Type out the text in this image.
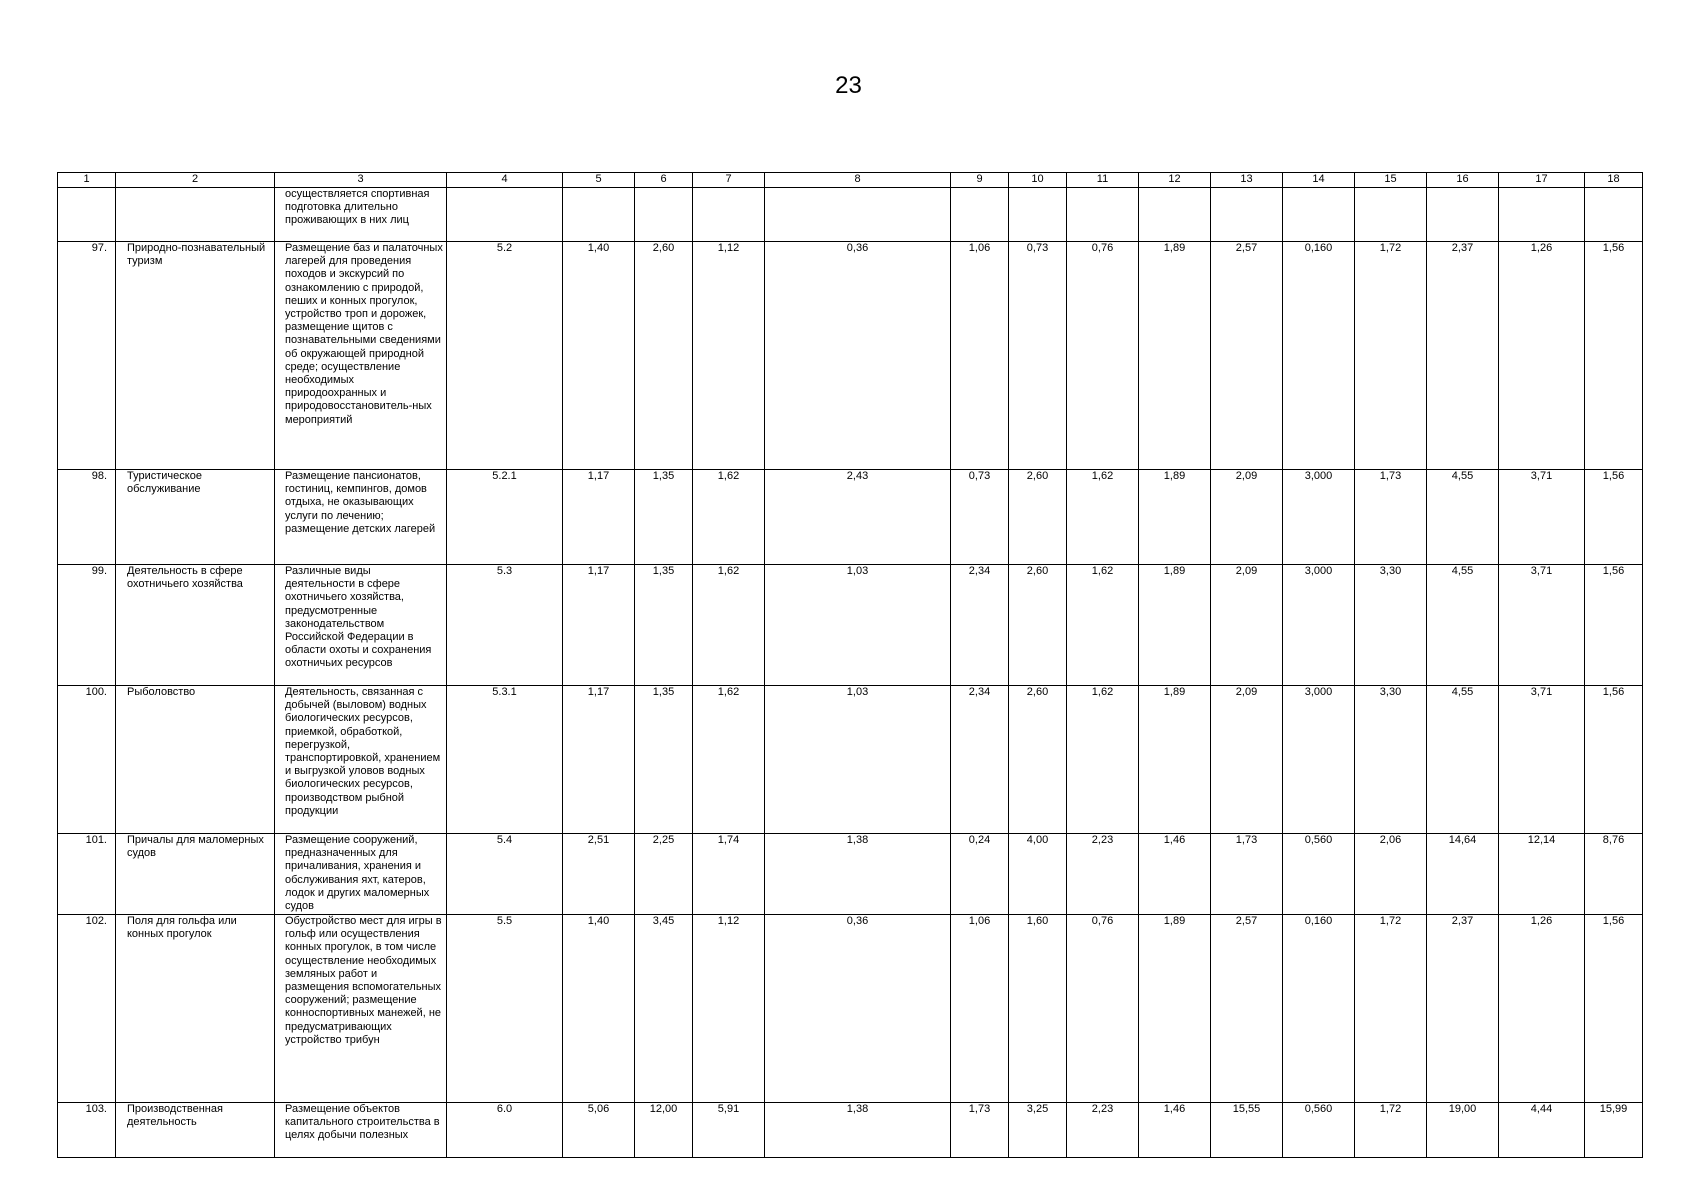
23
1	2	3	4	5	6	7	8	9	10	11	12	13	14	15	16	17	18
		осуществляется спортивная подготовка длительно проживающих в них лиц															
97.	Природно-познавательный туризм	Размещение баз и палаточных лагерей для проведения походов и экскурсий по ознакомлению с природой, пеших и конных прогулок, устройство троп и дорожек, размещение щитов с познавательными сведениями об окружающей природной среде; осуществление необходимых природоохранных и природовосстановитель-ных мероприятий	5.2	1,40	2,60	1,12	0,36	1,06	0,73	0,76	1,89	2,57	0,160	1,72	2,37	1,26	1,56
98.	Туристическое обслуживание	Размещение пансионатов, гостиниц, кемпингов, домов отдыха, не оказывающих услуги по лечению; размещение детских лагерей	5.2.1	1,17	1,35	1,62	2,43	0,73	2,60	1,62	1,89	2,09	3,000	1,73	4,55	3,71	1,56
99.	Деятельность в сфере охотничьего хозяйства	Различные виды деятельности в сфере охотничьего хозяйства, предусмотренные законодательством Российской Федерации в области охоты и сохранения охотничьих ресурсов	5.3	1,17	1,35	1,62	1,03	2,34	2,60	1,62	1,89	2,09	3,000	3,30	4,55	3,71	1,56
100.	Рыболовство	Деятельность, связанная с добычей (выловом) водных биологических ресурсов, приемкой, обработкой, перегрузкой, транспортировкой, хранением и выгрузкой уловов водных биологических ресурсов, производством рыбной продукции	5.3.1	1,17	1,35	1,62	1,03	2,34	2,60	1,62	1,89	2,09	3,000	3,30	4,55	3,71	1,56
101.	Причалы для маломерных судов	Размещение сооружений, предназначенных для причаливания, хранения и обслуживания яхт, катеров, лодок и других маломерных судов	5.4	2,51	2,25	1,74	1,38	0,24	4,00	2,23	1,46	1,73	0,560	2,06	14,64	12,14	8,76
102.	Поля для гольфа или конных прогулок	Обустройство мест для игры в гольф или осуществления конных прогулок, в том числе осуществление необходимых земляных работ и размещения вспомогательных сооружений; размещение конноспортивных манежей, не предусматривающих устройство трибун	5.5	1,40	3,45	1,12	0,36	1,06	1,60	0,76	1,89	2,57	0,160	1,72	2,37	1,26	1,56
103.	Производственная деятельность	Размещение объектов капитального строительства в целях добычи полезных	6.0	5,06	12,00	5,91	1,38	1,73	3,25	2,23	1,46	15,55	0,560	1,72	19,00	4,44	15,99
